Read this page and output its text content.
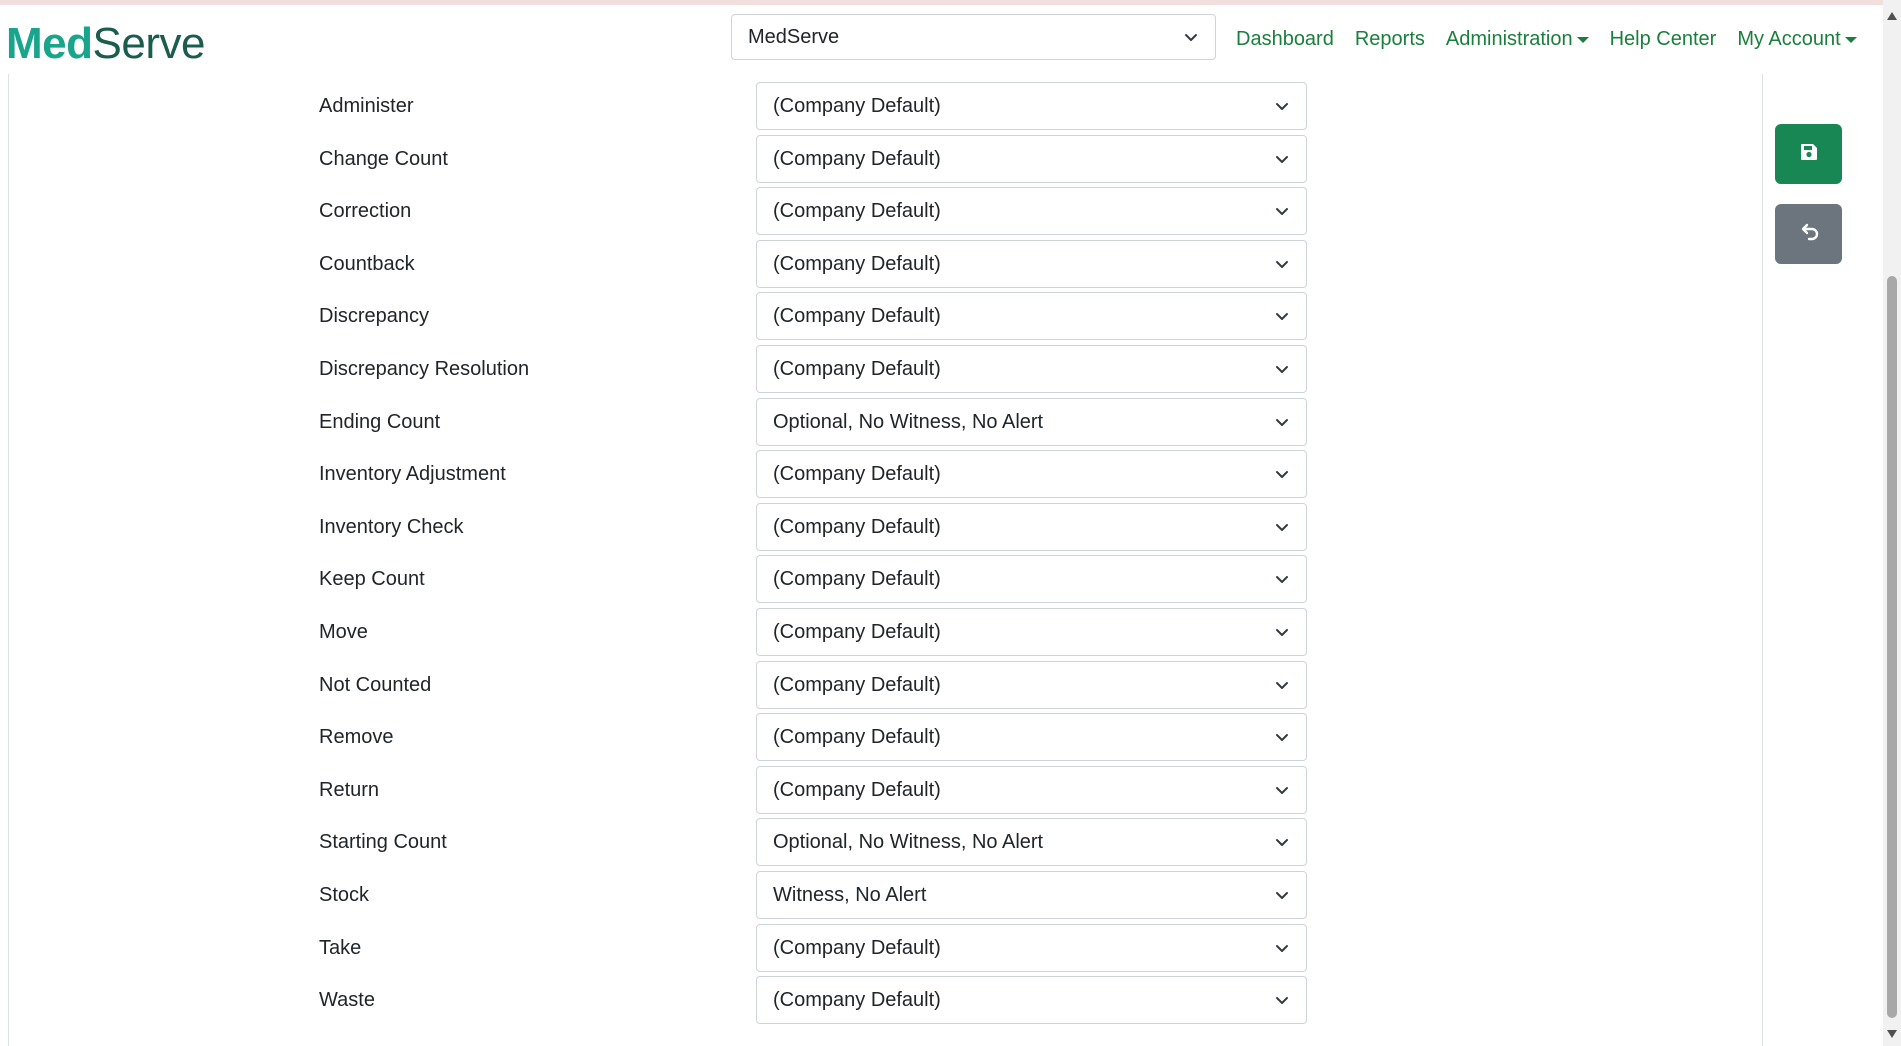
MedServe	MedServe	Dashboard Reports Administration Help Center My Account
Administer	(Company Default)
Change Count	(Company Default)
Correction	(Company Default)
Countback	(Company Default)
Discrepancy	(Company Default)
Discrepancy Resolution	(Company Default)
Ending Count	Optional, No Witness, No Alert
Inventory Adjustment	(Company Default)
Inventory Check	(Company Default)
Keep Count	(Company Default)
Move	(Company Default)
Not Counted	(Company Default)
Remove	(Company Default)
Return	(Company Default)
Starting Count	Optional, No Witness, No Alert
Stock	Witness, No Alert
Take	(Company Default)
Waste	(Company Default)
